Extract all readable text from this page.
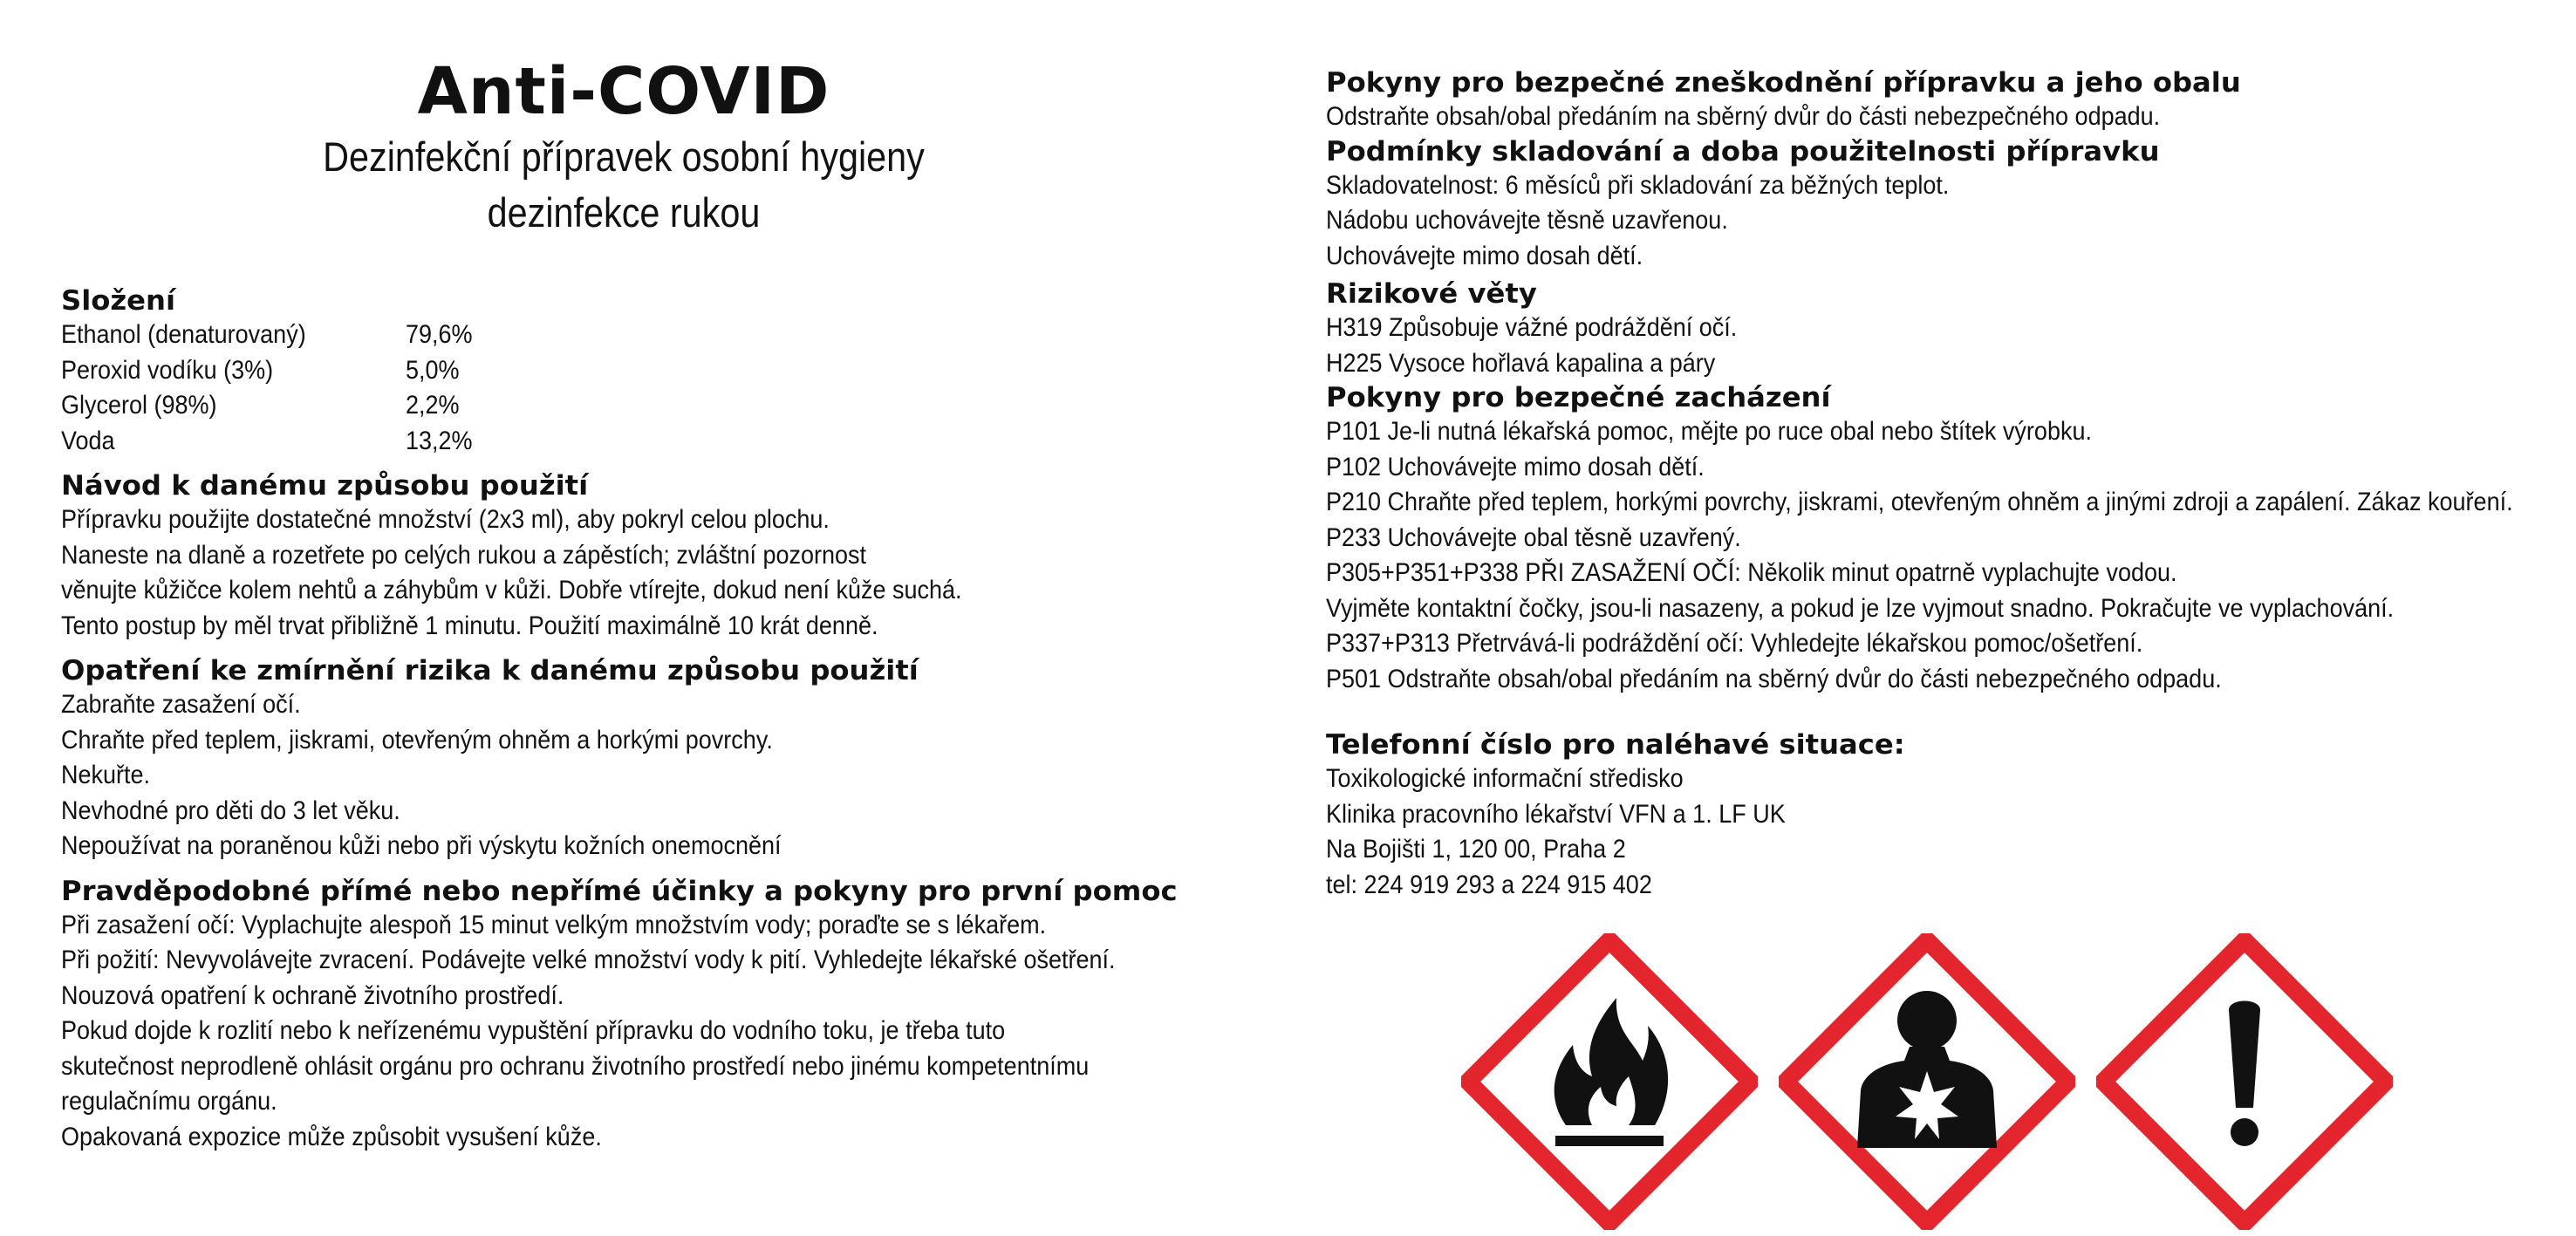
Anti-COVID
Dezinfekční přípravek osobní hygieny
dezinfekce rukou
Složení
Ethanol (denaturovaný)	79,6%
Peroxid vodíku (3%)	5,0%
Glycerol (98%)	2,2%
Voda	13,2%
Návod k danému způsobu použití
Přípravku použijte dostatečné množství (2x3 ml), aby pokryl celou plochu.
Naneste na dlaně a rozetřete po celých rukou a zápěstích; zvláštní pozornost
věnujte kůžičce kolem nehtů a záhybům v kůži. Dobře vtírejte, dokud není kůže suchá.
Tento postup by měl trvat přibližně 1 minutu. Použití maximálně 10 krát denně.
Opatření ke zmírnění rizika k danému způsobu použití
Zabraňte zasažení očí.
Chraňte před teplem, jiskrami, otevřeným ohněm a horkými povrchy.
Nekuřte.
Nevhodné pro děti do 3 let věku.
Nepoužívat na poraněnou kůži nebo při výskytu kožních onemocnění
Pravděpodobné přímé nebo nepřímé účinky a pokyny pro první pomoc
Při zasažení očí: Vyplachujte alespoň 15 minut velkým množstvím vody; poraďte se s lékařem.
Při požití: Nevyvolávejte zvracení. Podávejte velké množství vody k pití. Vyhledejte lékařské ošetření.
Nouzová opatření k ochraně životního prostředí.
Pokud dojde k rozlití nebo k neřízenému vypuštění přípravku do vodního toku, je třeba tuto
skutečnost neprodleně ohlásit orgánu pro ochranu životního prostředí nebo jinému kompetentnímu
regulačnímu orgánu.
Opakovaná expozice může způsobit vysušení kůže.
Pokyny pro bezpečné zneškodnění přípravku a jeho obalu
Odstraňte obsah/obal předáním na sběrný dvůr do části nebezpečného odpadu.
Podmínky skladování a doba použitelnosti přípravku
Skladovatelnost: 6 měsíců při skladování za běžných teplot.
Nádobu uchovávejte těsně uzavřenou.
Uchovávejte mimo dosah dětí.
Rizikové věty
H319 Způsobuje vážné podráždění očí.
H225 Vysoce hořlavá kapalina a páry
Pokyny pro bezpečné zacházení
P101 Je-li nutná lékařská pomoc, mějte po ruce obal nebo štítek výrobku.
P102 Uchovávejte mimo dosah dětí.
P210 Chraňte před teplem, horkými povrchy, jiskrami, otevřeným ohněm a jinými zdroji a zapálení. Zákaz kouření.
P233 Uchovávejte obal těsně uzavřený.
P305+P351+P338 PŘI ZASAŽENÍ OČÍ: Několik minut opatrně vyplachujte vodou.
Vyjměte kontaktní čočky, jsou-li nasazeny, a pokud je lze vyjmout snadno. Pokračujte ve vyplachování.
P337+P313 Přetrvává-li podráždění očí: Vyhledejte lékařskou pomoc/ošetření.
P501 Odstraňte obsah/obal předáním na sběrný dvůr do části nebezpečného odpadu.
Telefonní číslo pro naléhavé situace:
Toxikologické informační středisko
Klinika pracovního lékařství VFN a 1. LF UK
Na Bojišti 1, 120 00, Praha 2
tel: 224 919 293 a 224 915 402
